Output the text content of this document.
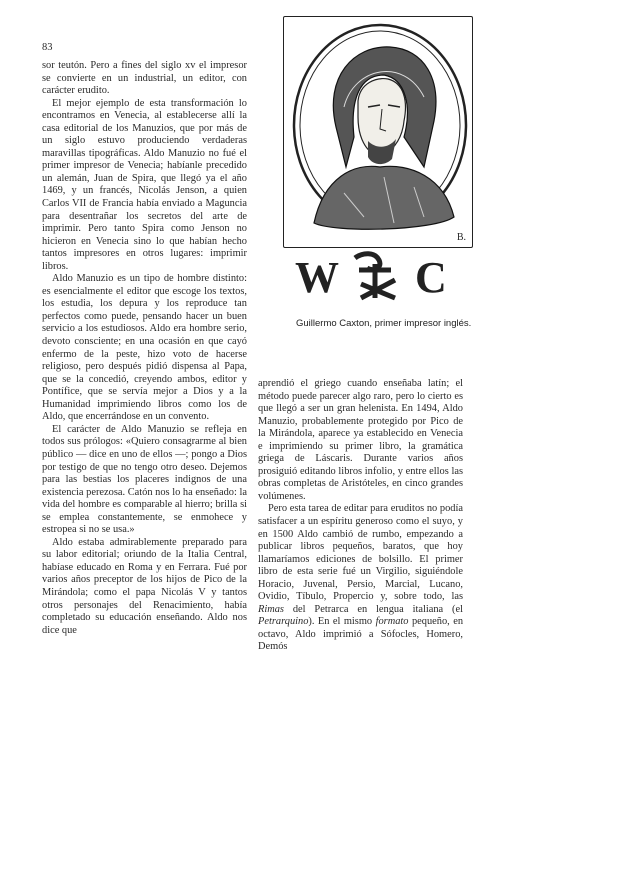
83

sor teutón. Pero a fines del siglo xv el impresor se convierte en un industrial, un editor, con carácter erudito.

El mejor ejemplo de esta transformación lo encontramos en Venecia, al establecerse allí la casa editorial de los Manuzios, que por más de un siglo estuvo produciendo verdaderas maravillas tipográficas. Aldo Manuzio no fué el primer impresor de Venecia; habíanle precedido un alemán, Juan de Spira, que llegó ya el año 1469, y un francés, Nicolás Jenson, a quien Carlos VII de Francia había enviado a Maguncia para desentrañar los secretos del arte de imprimir. Pero tanto Spira como Jenson no hicieron en Venecia sino lo que habían hecho tantos impresores en otros lugares: imprimir libros.

Aldo Manuzio es un tipo de hombre distinto: es esencialmente el editor que escoge los textos, los estudia, los depura y los reproduce tan perfectos como puede, pensando hacer un buen servicio a los estudiosos. Aldo era hombre serio, devoto consciente; en una ocasión en que cayó enfermo de la peste, hizo voto de hacerse religioso, pero después pidió dispensa al Papa, que se la concedió, creyendo ambos, editor y Pontífice, que se servía mejor a Dios y a la Humanidad imprimiendo libros como los de Aldo, que encerrándose en un convento.

El carácter de Aldo Manuzio se refleja en todos sus prólogos: «Quiero consagrarme al bien público — dice en uno de ellos —; pongo a Dios por testigo de que no tengo otro deseo. Dejemos para las bestias los placeres indignos de una existencia perezosa. Catón nos lo ha enseñado: la vida del hombre es comparable al hierro; brilla si se emplea constantemente, se enmohece y estropea si no se usa.»

Aldo estaba admirablemente preparado para su labor editorial; oriundo de la Italia Central, habíase educado en Roma y en Ferrara. Fué por varios años preceptor de los hijos de Pico de la Mirándola; como el papa Nicolás V y tantos otros personajes del Renacimiento, había completado su educación enseñando. Aldo nos dice que

B.
W C
Guillermo Caxton, primer impresor inglés.

aprendió el griego cuando enseñaba latín; el método puede parecer algo raro, pero lo cierto es que llegó a ser un gran helenista. En 1494, Aldo Manuzio, probablemente protegido por Pico de la Mirándola, aparece ya establecido en Venecia e imprimiendo su primer libro, la gramática griega de Láscaris. Durante varios años prosiguió editando libros infolio, y entre ellos las obras completas de Aristóteles, en cinco grandes volúmenes.

Pero esta tarea de editar para eruditos no podía satisfacer a un espíritu generoso como el suyo, y en 1500 Aldo cambió de rumbo, empezando a publicar libros pequeños, baratos, que hoy llamaríamos ediciones de bolsillo. El primer libro de esta serie fué un Virgilio, siguiéndole Horacio, Juvenal, Persio, Marcial, Lucano, Ovidio, Tíbulo, Propercio y, sobre todo, las Rimas del Petrarca en lengua italiana (el Petrarquino). En el mismo formato pequeño, en octavo, Aldo imprimió a Sófocles, Homero, Demós
